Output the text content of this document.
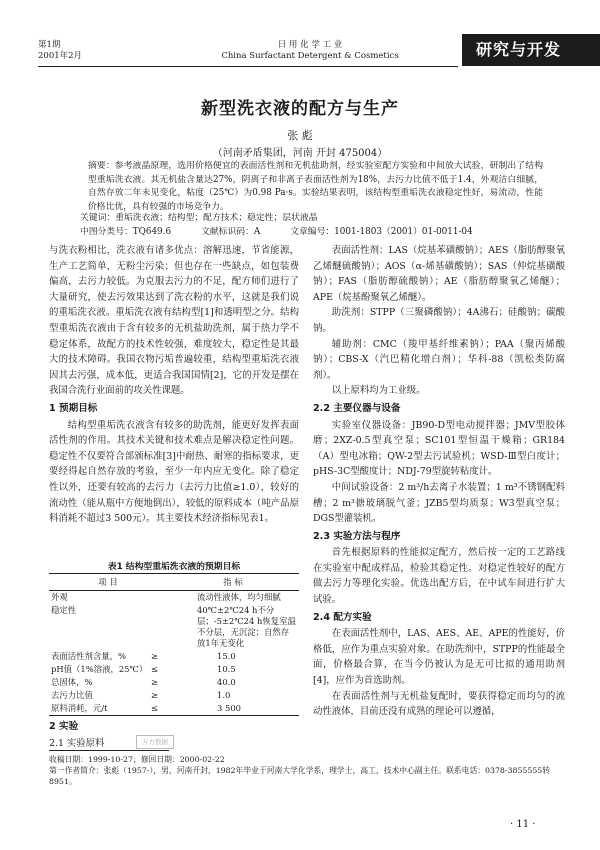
第1期
2001年2月
日 用 化 学 工 业
China Surfactant Detergent & Cosmetics	研究与开发
新型洗衣液的配方与生产
张 彪
（河南矛盾集团，河南 开封 475004）
摘要：参考液晶原理，选用价格便宜的表面活性剂和无机盐助剂，经实验室配方实验和中间放大试验，研制出了结构型重垢洗衣液。其无机盐含量达27%，阴离子和非离子表面活性剂为18%，去污力比值不低于1.4，外观洁白细腻，自然存放二年未见变化，粘度（25℃）为0.98 Pa·s。实验结果表明，该结构型重垢洗衣液稳定性好，易流动，性能价格比优，具有较强的市场竞争力。
关键词：重垢洗衣液；结构型；配方技术；稳定性；层状液晶
中图分类号：TQ649.6	文献标识码：A	文章编号：1001-1803（2001）01-0011-04

与洗衣粉相比，洗衣液有诸多优点：溶解迅速，节省能源，生产工艺简单，无粉尘污染；但也存在一些缺点，如包装费偏高，去污力较低。为克服去污力的不足，配方师们进行了大量研究，使去污效果达到了洗衣粉的水平，这就是我们说的重垢洗衣液。重垢洗衣液有结构型[1]和透明型之分。结构型重垢洗衣液由于含有较多的无机盐助洗剂，属于热力学不稳定体系，故配方的技术性较强，难度较大，稳定性是其最大的技术障碍。我国衣物污垢普遍较重，结构型重垢洗衣液因其去污强，成本低，更适合我国国情[2]，它的开发是摆在我国合洗行业面前的攻关性课题。

1 预期目标

结构型重垢洗衣液含有较多的助洗剂，能更好发挥表面活性剂的作用。其技术关键和技术难点是解决稳定性问题。稳定性不仅要符合部颁标准[3]中耐热、耐寒的指标要求，更要经得起自然存放的考验，至少一年内应无变化。除了稳定性以外，还要有较高的去污力（去污力比值≥1.0），较好的流动性（能从瓶中方便地倒出），较低的原料成本（吨产品原料消耗不超过3 500元）。其主要技术经济指标见表1。

表1 结构型重垢洗衣液的预期目标
项 目		指 标
外观		流动性液体，均匀细腻
稳定性		40℃±2℃24 h不分层；-5±2℃24 h恢复室温不分层，无沉淀；自然存放1年无变化
表面活性剂含量，%	≥	15.0
pH值（1%溶液，25℃）	≤	10.5
总固体，%	≥	40.0
去污力比值	≥	1.0
原料消耗，元/t	≤	3 500
2 实验
2.1 实验原料	万方数据

表面活性剂：LAS（烷基苯磺酸钠）；AES（脂肪醇聚氧乙烯醚硫酸钠）；AOS（α-烯基磺酸钠）；SAS（仲烷基磺酸钠）；FAS（脂肪醇硫酸钠）；AE（脂肪醇聚氧乙烯醚）；APE（烷基酚聚氧乙烯醚）。

助洗剂：STPP（三聚磷酸钠）；4A沸石；硅酸钠；碳酸钠。

辅助剂：CMC（羧甲基纤维素钠）；PAA（聚丙烯酸钠）；CBS-X（汽巴精化增白剂）；华科-88（凯松类防腐剂）。

以上原料均为工业级。

2.2 主要仪器与设备

实验室仪器设备：JB90-D型电动搅拌器；JMV型胶体磨；2XZ-0.5型真空泵；SC101型恒温干燥箱；GR184（A）型电冰箱；QW-2型去污试验机；WSD-Ⅲ型白度计；pHS-3C型酸度计；NDJ-79型旋转粘度计。

中间试验设备：2 m³/h去离子水装置；1 m³不锈钢配料槽；2 m³搪玻璃脱气釜；JZB5型均质泵；W3型真空泵；DGS型灌装机。

2.3 实验方法与程序

首先根据原料的性能拟定配方，然后按一定的工艺路线在实验室中配成样品，检验其稳定性。对稳定性较好的配方做去污力等理化实验。优选出配方后，在中试车间进行扩大试验。

2.4 配方实验

在表面活性剂中，LAS、AES、AE、APE的性能好，价格低，应作为重点实验对象。在助洗剂中，STPP的性能最全面，价格最合算，在当今仍被认为是无可比拟的通用助剂[4]，应作为首选助剂。

在表面活性剂与无机盐复配时，要获得稳定而均匀的流动性液体，目前还没有成熟的理论可以遵循，

收稿日期：1999-10-27；修回日期：2000-02-22
第一作者简介：张彪（1957-），男，河南开封，1982年毕业于河南大学化学系，理学士，高工，技术中心副主任。联系电话：0378-3855555转8951。
· 11 ·
